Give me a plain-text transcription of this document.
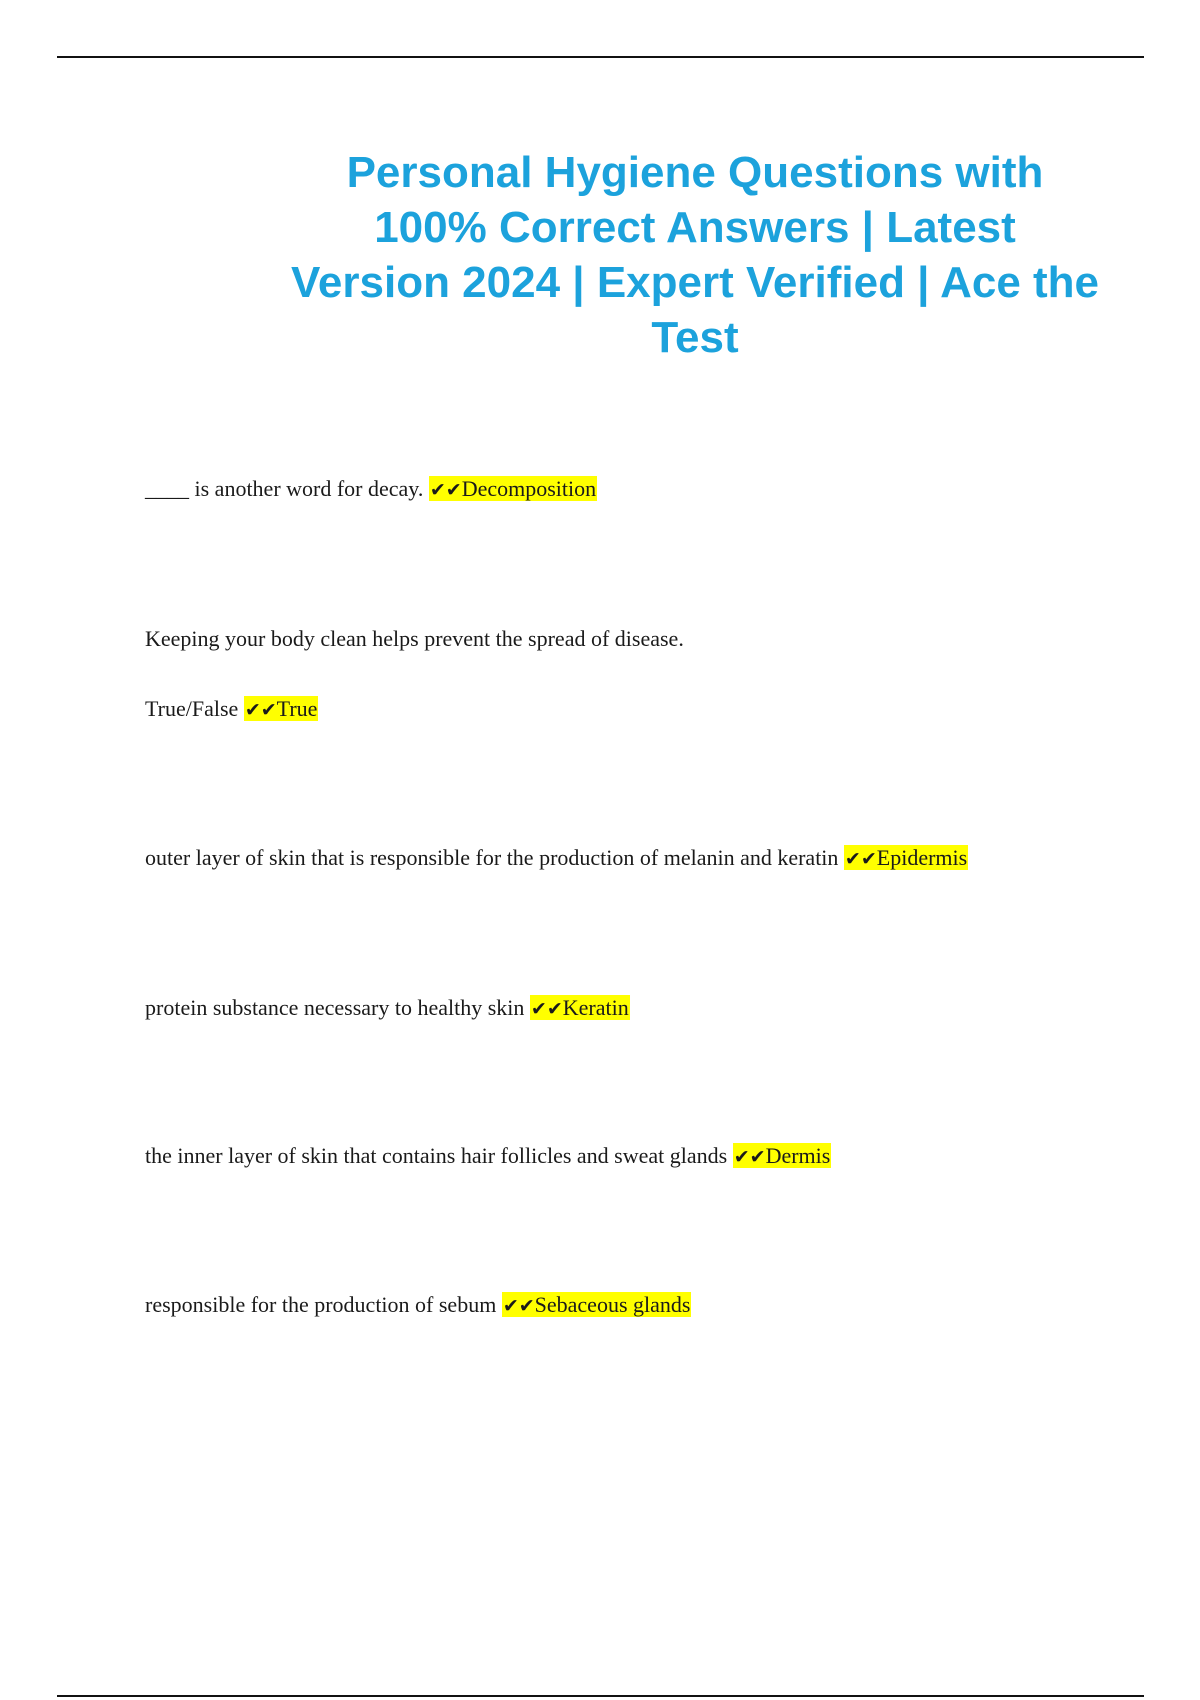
Personal Hygiene Questions with 100% Correct Answers | Latest Version 2024 | Expert Verified | Ace the Test

____ is another word for decay. ✔✔Decomposition

Keeping your body clean helps prevent the spread of disease.

True/False ✔✔True

outer layer of skin that is responsible for the production of melanin and keratin ✔✔Epidermis

protein substance necessary to healthy skin ✔✔Keratin

the inner layer of skin that contains hair follicles and sweat glands ✔✔Dermis

responsible for the production of sebum ✔✔Sebaceous glands
